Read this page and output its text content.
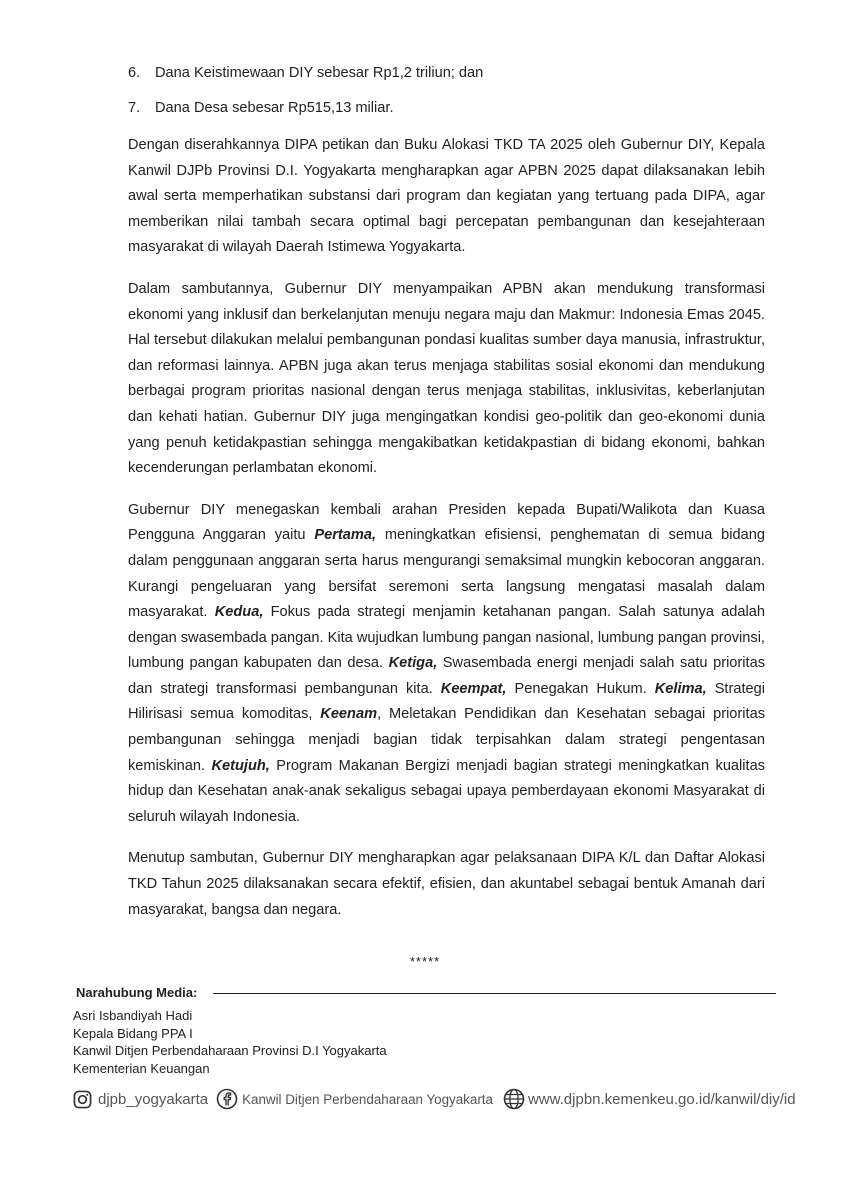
6.	Dana Keistimewaan DIY sebesar Rp1,2 triliun; dan
7.	Dana Desa sebesar Rp515,13 miliar.

Dengan diserahkannya DIPA petikan dan Buku Alokasi TKD TA 2025 oleh Gubernur DIY, Kepala Kanwil DJPb Provinsi D.I. Yogyakarta mengharapkan agar APBN 2025 dapat dilaksanakan lebih awal serta memperhatikan substansi dari program dan kegiatan yang tertuang pada DIPA, agar memberikan nilai tambah secara optimal bagi percepatan pembangunan dan kesejahteraan masyarakat di wilayah Daerah Istimewa Yogyakarta.

Dalam sambutannya, Gubernur DIY menyampaikan APBN akan mendukung transformasi ekonomi yang inklusif dan berkelanjutan menuju negara maju dan Makmur: Indonesia Emas 2045. Hal tersebut dilakukan melalui pembangunan pondasi kualitas sumber daya manusia, infrastruktur, dan reformasi lainnya. APBN juga akan terus menjaga stabilitas sosial ekonomi dan mendukung berbagai program prioritas nasional dengan terus menjaga stabilitas, inklusivitas, keberlanjutan dan kehati hatian. Gubernur DIY juga mengingatkan kondisi geo-politik dan geo-ekonomi dunia yang penuh ketidakpastian sehingga mengakibatkan ketidakpastian di bidang ekonomi, bahkan kecenderungan perlambatan ekonomi.

Gubernur DIY menegaskan kembali arahan Presiden kepada Bupati/Walikota dan Kuasa Pengguna Anggaran yaitu Pertama, meningkatkan efisiensi, penghematan di semua bidang dalam penggunaan anggaran serta harus mengurangi semaksimal mungkin kebocoran anggaran. Kurangi pengeluaran yang bersifat seremoni serta langsung mengatasi masalah dalam masyarakat. Kedua, Fokus pada strategi menjamin ketahanan pangan. Salah satunya adalah dengan swasembada pangan. Kita wujudkan lumbung pangan nasional, lumbung pangan provinsi, lumbung pangan kabupaten dan desa. Ketiga, Swasembada energi menjadi salah satu prioritas dan strategi transformasi pembangunan kita. Keempat, Penegakan Hukum. Kelima, Strategi Hilirisasi semua komoditas, Keenam, Meletakan Pendidikan dan Kesehatan sebagai prioritas pembangunan sehingga menjadi bagian tidak terpisahkan dalam strategi pengentasan kemiskinan. Ketujuh, Program Makanan Bergizi menjadi bagian strategi meningkatkan kualitas hidup dan Kesehatan anak-anak sekaligus sebagai upaya pemberdayaan ekonomi Masyarakat di seluruh wilayah Indonesia.

Menutup sambutan, Gubernur DIY mengharapkan agar pelaksanaan DIPA K/L dan Daftar Alokasi TKD Tahun 2025 dilaksanakan secara efektif, efisien, dan akuntabel sebagai bentuk Amanah dari masyarakat, bangsa dan negara.

*****
Narahubung Media:
Asri Isbandiyah Hadi
Kepala Bidang PPA I
Kanwil Ditjen Perbendaharaan Provinsi D.I Yogyakarta
Kementerian Keuangan
djpb_yogyakarta	Kanwil Ditjen Perbendaharaan Yogyakarta www.djpbn.kemenkeu.go.id/kanwil/diy/id
